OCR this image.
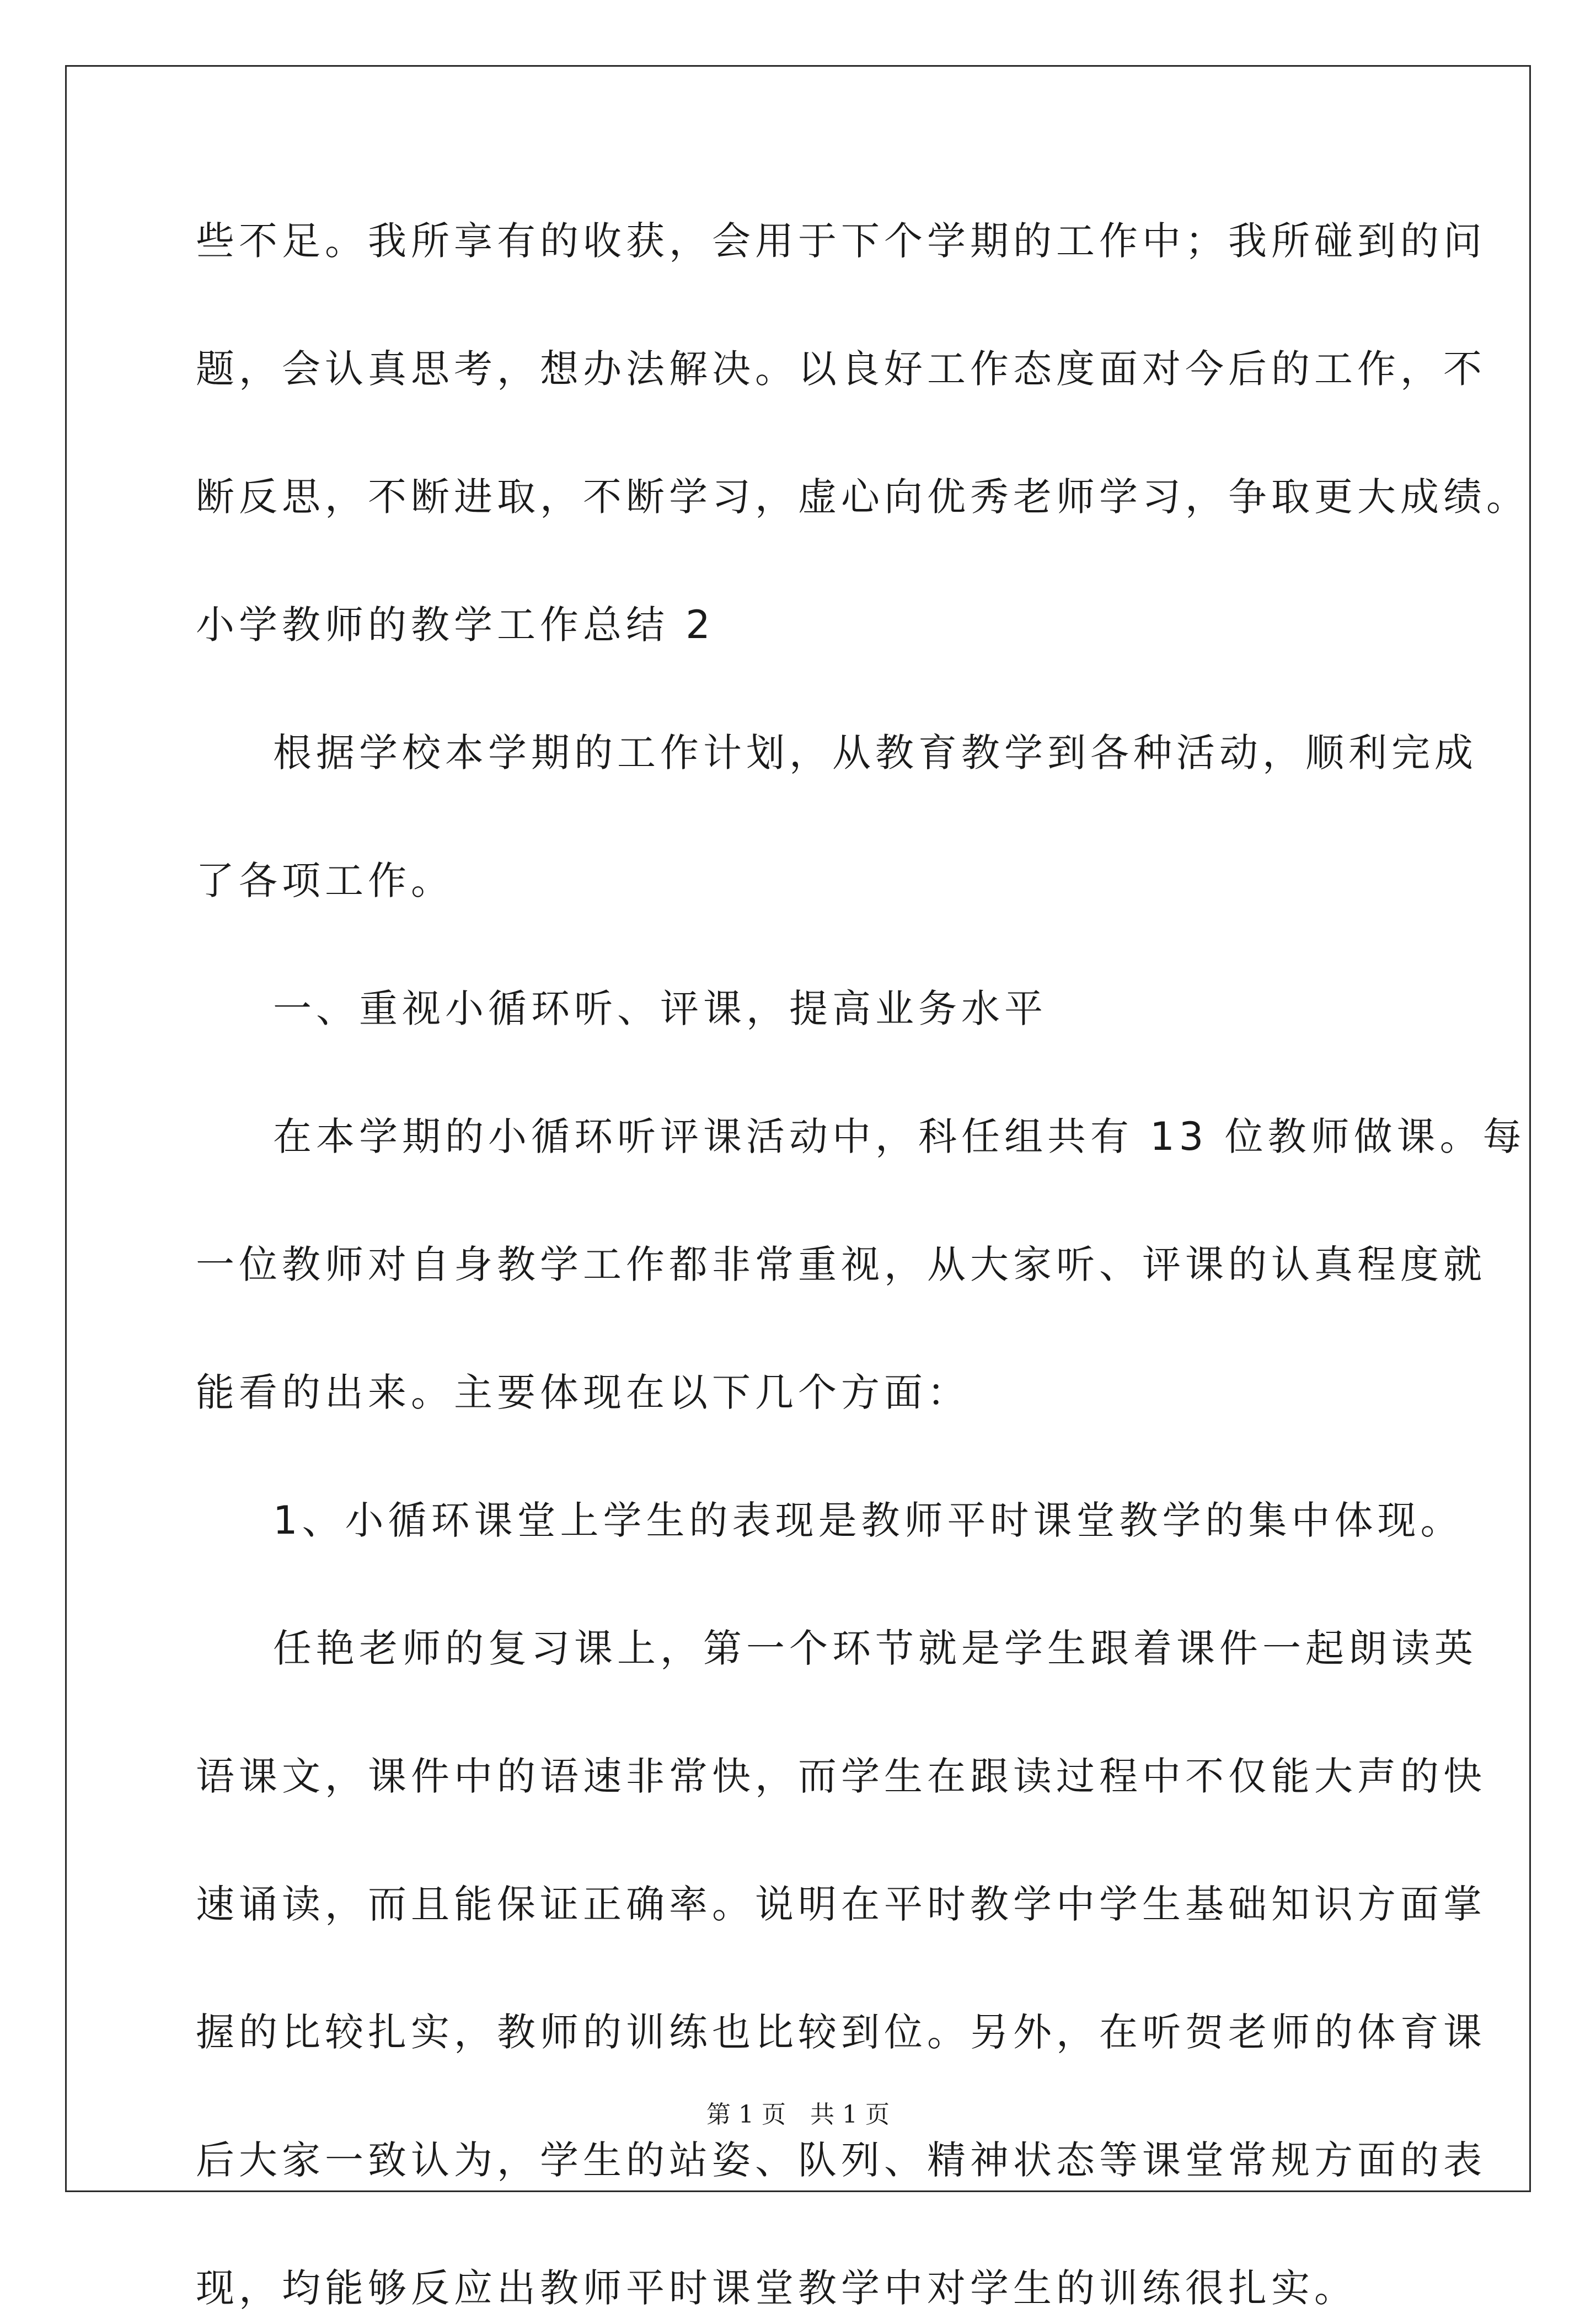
些不足。我所享有的收获，会用于下个学期的工作中；我所碰到的问
题，会认真思考，想办法解决。以良好工作态度面对今后的工作，不
断反思，不断进取，不断学习，虚心向优秀老师学习，争取更大成绩。
小学教师的教学工作总结 2
根据学校本学期的工作计划，从教育教学到各种活动，顺利完成
了各项工作。
一、重视小循环听、评课，提高业务水平
在本学期的小循环听评课活动中，科任组共有 13 位教师做课。每
一位教师对自身教学工作都非常重视，从大家听、评课的认真程度就
能看的出来。主要体现在以下几个方面：
1、小循环课堂上学生的表现是教师平时课堂教学的集中体现。
任艳老师的复习课上，第一个环节就是学生跟着课件一起朗读英
语课文，课件中的语速非常快，而学生在跟读过程中不仅能大声的快
速诵读，而且能保证正确率。说明在平时教学中学生基础知识方面掌
握的比较扎实，教师的训练也比较到位。另外，在听贺老师的体育课
后大家一致认为，学生的站姿、队列、精神状态等课堂常规方面的表
现，均能够反应出教师平时课堂教学中对学生的训练很扎实。
第 1 页　共 1 页
